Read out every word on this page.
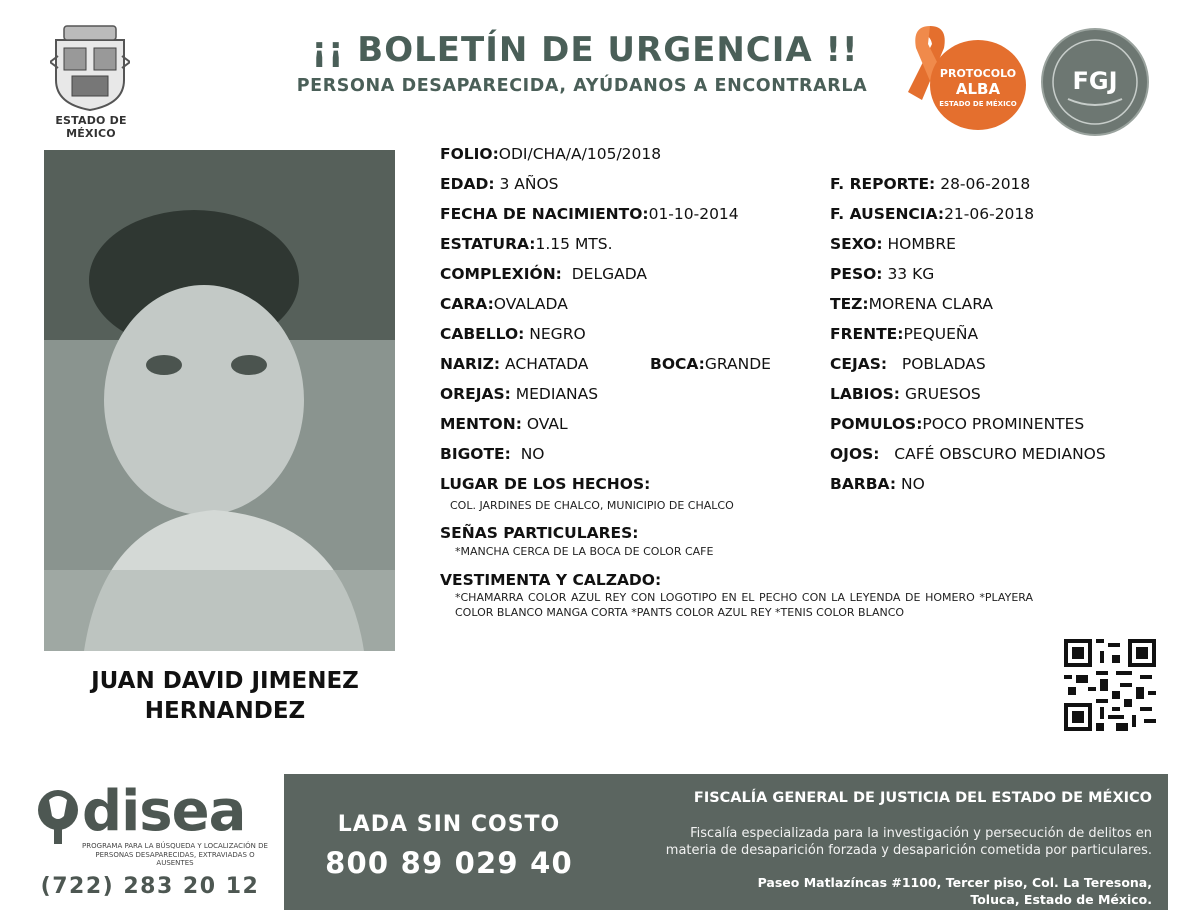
ESTADO DE MÉXICO
¡¡ BOLETÍN DE URGENCIA !!
PERSONA DESAPARECIDA, AYÚDANOS A ENCONTRARLA
PROTOCOLO
ALBA
ESTADO DE MÉXICO
FGJ
JUAN DAVID JIMENEZ
HERNANDEZ
FOLIO:ODI/CHA/A/105/2018
EDAD: 3 AÑOS
FECHA DE NACIMIENTO:01-10-2014
ESTATURA:1.15 MTS.
COMPLEXIÓN: DELGADA
CARA:OVALADA
CABELLO: NEGRO
NARIZ: ACHATADA	BOCA:GRANDE
OREJAS: MEDIANAS
MENTON: OVAL
BIGOTE: NO
F. REPORTE: 28-06-2018
F. AUSENCIA:21-06-2018
SEXO: HOMBRE
PESO: 33 KG
TEZ:MORENA CLARA
FRENTE:PEQUEÑA
CEJAS: POBLADAS
LABIOS: GRUESOS
POMULOS:POCO PROMINENTES
OJOS: CAFÉ OBSCURO MEDIANOS
BARBA: NO
LUGAR DE LOS HECHOS:
COL. JARDINES DE CHALCO, MUNICIPIO DE CHALCO
SEÑAS PARTICULARES:
*MANCHA CERCA DE LA BOCA DE COLOR CAFE
VESTIMENTA Y CALZADO:
*CHAMARRA COLOR AZUL REY CON LOGOTIPO EN EL PECHO CON LA LEYENDA DE HOMERO *PLAYERA COLOR BLANCO MANGA CORTA *PANTS COLOR AZUL REY *TENIS COLOR BLANCO
disea
PROGRAMA PARA LA BÚSQUEDA Y LOCALIZACIÓN DE PERSONAS DESAPARECIDAS, EXTRAVIADAS O AUSENTES
(722) 283 20 12
LADA SIN COSTO
800 89 029 40
FISCALÍA GENERAL DE JUSTICIA DEL ESTADO DE MÉXICO
Fiscalía especializada para la investigación y persecución de delitos en
materia de desaparición forzada y desaparición cometida por particulares.
Paseo Matlazíncas #1100, Tercer piso, Col. La Teresona,
Toluca, Estado de México.
